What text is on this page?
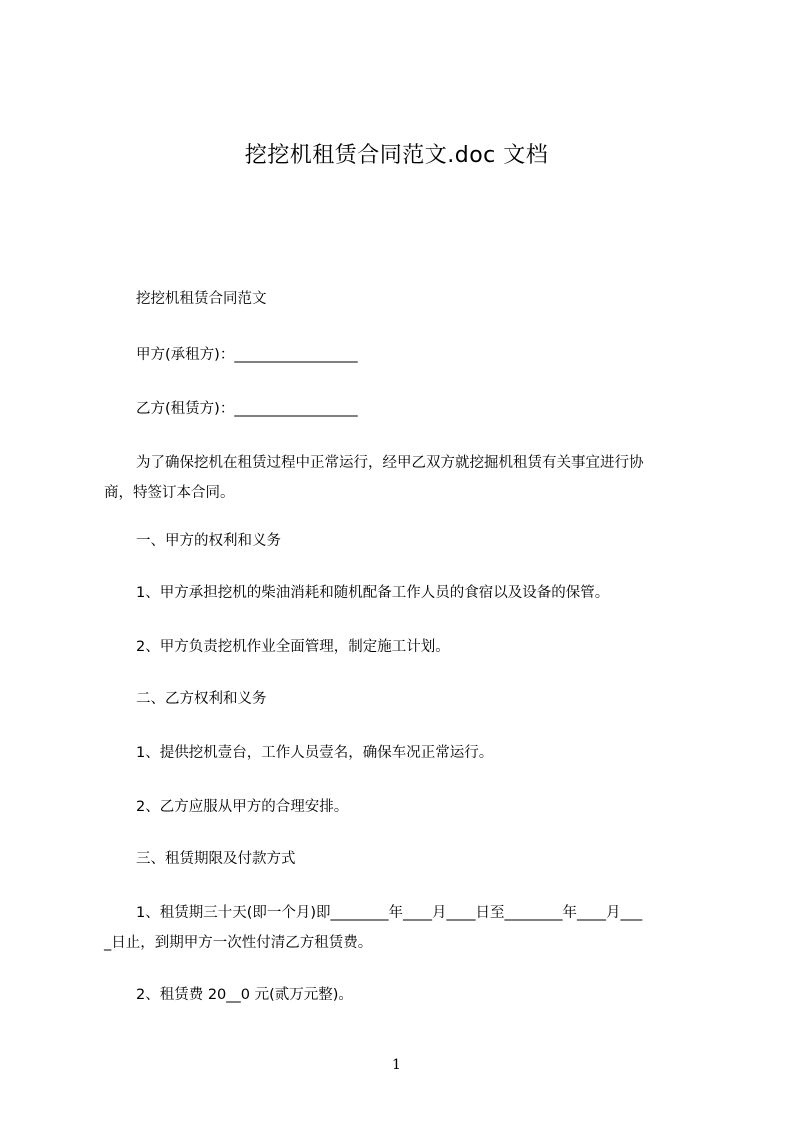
挖挖机租赁合同范文.doc 文档
挖挖机租赁合同范文
甲方(承租方)：_________________
乙方(租赁方)：_________________
为了确保挖机在租赁过程中正常运行，经甲乙双方就挖掘机租赁有关事宜进行协
商，特签订本合同。
一、甲方的权利和义务
1、甲方承担挖机的柴油消耗和随机配备工作人员的食宿以及设备的保管。
2、甲方负责挖机作业全面管理，制定施工计划。
二、乙方权利和义务
1、提供挖机壹台，工作人员壹名，确保车况正常运行。
2、乙方应服从甲方的合理安排。
三、租赁期限及付款方式
1、租赁期三十天(即一个月)即________年____月____日至________年____月___
_日止，到期甲方一次性付清乙方租赁费。
2、租赁费 20__0 元(贰万元整)。
1
